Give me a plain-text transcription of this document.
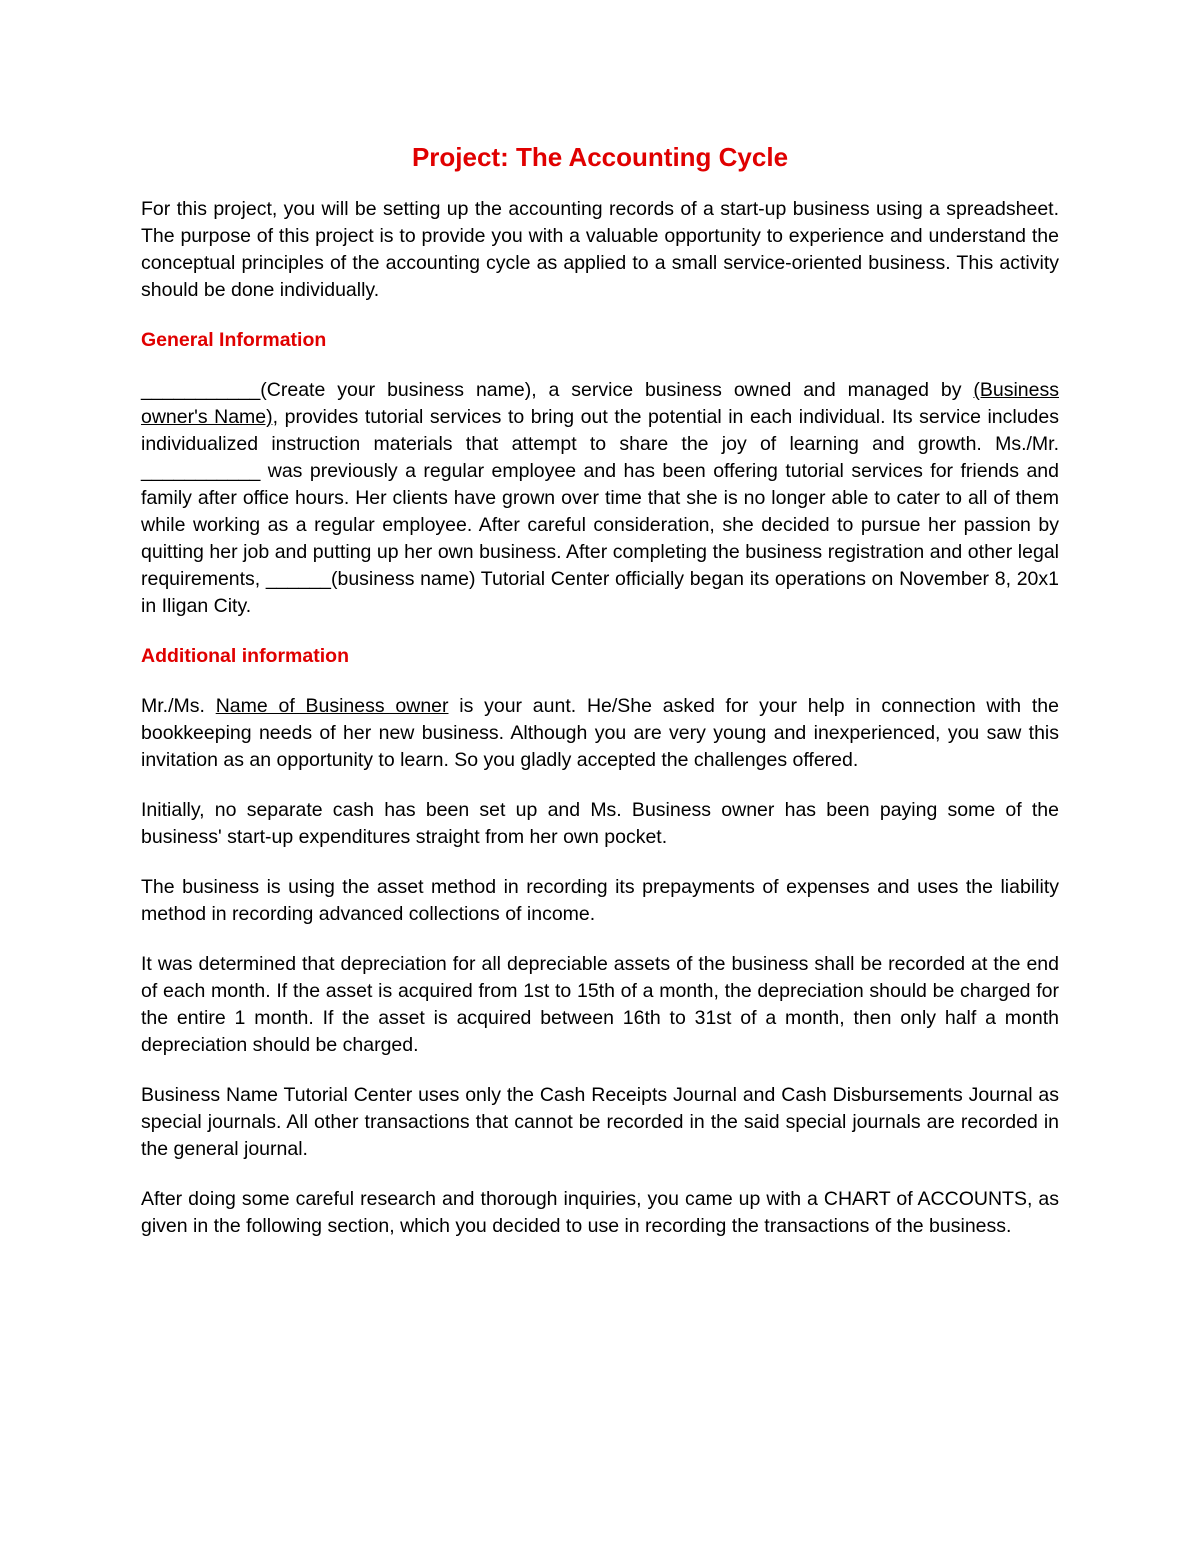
Project: The Accounting Cycle

For this project, you will be setting up the accounting records of a start-up business using a spreadsheet. The purpose of this project is to provide you with a valuable opportunity to experience and understand the conceptual principles of the accounting cycle as applied to a small service-oriented business. This activity should be done individually.

General Information

___________(Create your business name), a service business owned and managed by (Business owner's Name), provides tutorial services to bring out the potential in each individual. Its service includes individualized instruction materials that attempt to share the joy of learning and growth. Ms./Mr. ___________ was previously a regular employee and has been offering tutorial services for friends and family after office hours. Her clients have grown over time that she is no longer able to cater to all of them while working as a regular employee. After careful consideration, she decided to pursue her passion by quitting her job and putting up her own business. After completing the business registration and other legal requirements, ______(business name) Tutorial Center officially began its operations on November 8, 20x1 in Iligan City.

Additional information

Mr./Ms. Name of Business owner is your aunt. He/She asked for your help in connection with the bookkeeping needs of her new business. Although you are very young and inexperienced, you saw this invitation as an opportunity to learn. So you gladly accepted the challenges offered.

Initially, no separate cash has been set up and Ms. Business owner has been paying some of the business' start-up expenditures straight from her own pocket.

The business is using the asset method in recording its prepayments of expenses and uses the liability method in recording advanced collections of income.

It was determined that depreciation for all depreciable assets of the business shall be recorded at the end of each month. If the asset is acquired from 1st to 15th of a month, the depreciation should be charged for the entire 1 month. If the asset is acquired between 16th to 31st of a month, then only half a month depreciation should be charged.

Business Name Tutorial Center uses only the Cash Receipts Journal and Cash Disbursements Journal as special journals. All other transactions that cannot be recorded in the said special journals are recorded in the general journal.

After doing some careful research and thorough inquiries, you came up with a CHART of ACCOUNTS, as given in the following section, which you decided to use in recording the transactions of the business.
